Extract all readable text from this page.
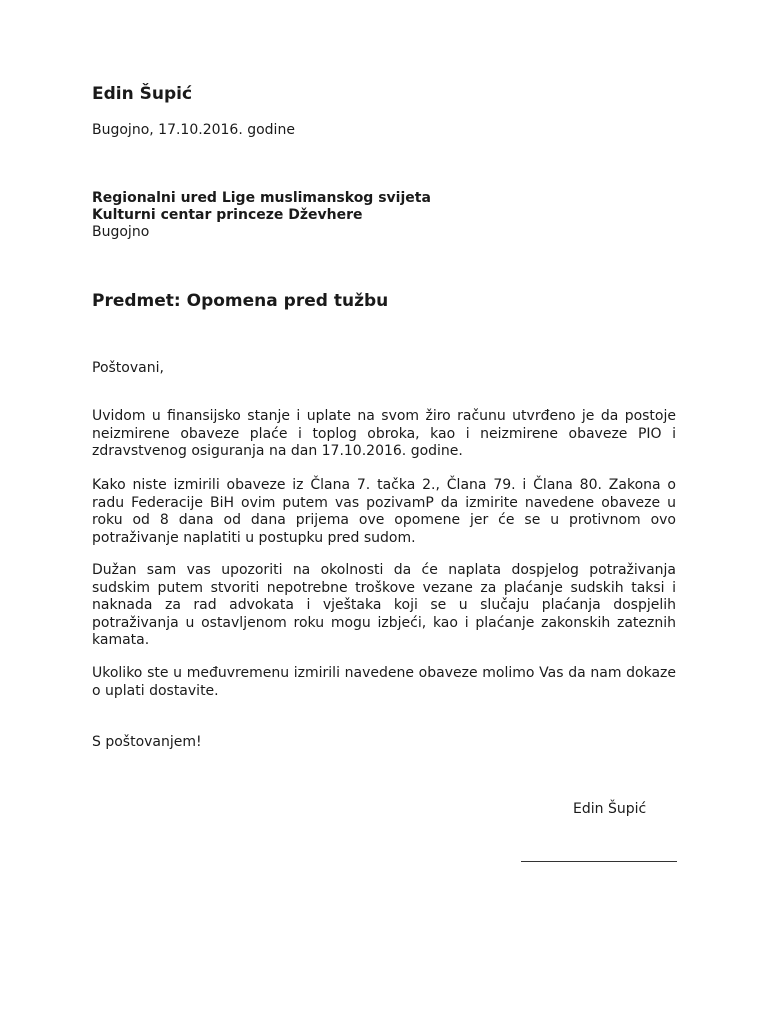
Edin Šupić
Bugojno, 17.10.2016. godine
Regionalni ured Lige muslimanskog svijeta
Kulturni centar princeze Dževhere
Bugojno
Predmet: Opomena pred tužbu
Poštovani,
Uvidom u finansijsko stanje i uplate na svom žiro računu utvrđeno je da postoje neizmirene obaveze plaće i toplog obroka, kao i neizmirene obaveze PIO i zdravstvenog osiguranja na dan 17.10.2016. godine.
Kako niste izmirili obaveze iz Člana 7. tačka 2., Člana 79. i Člana 80. Zakona o radu Federacije BiH ovim putem vas pozivamP da izmirite navedene obaveze u roku od 8 dana od dana prijema ove opomene jer će se u protivnom ovo potraživanje naplatiti u postupku pred sudom.
Dužan sam vas upozoriti na okolnosti da će naplata dospjelog potraživanja sudskim putem stvoriti nepotrebne troškove vezane za plaćanje sudskih taksi i naknada za rad advokata i vještaka koji se u slučaju plaćanja dospjelih potraživanja u ostavljenom roku mogu izbjeći, kao i plaćanje zakonskih zateznih kamata.
Ukoliko ste u međuvremenu izmirili navedene obaveze molimo Vas da nam dokaze o uplati dostavite.
S poštovanjem!
Edin Šupić
